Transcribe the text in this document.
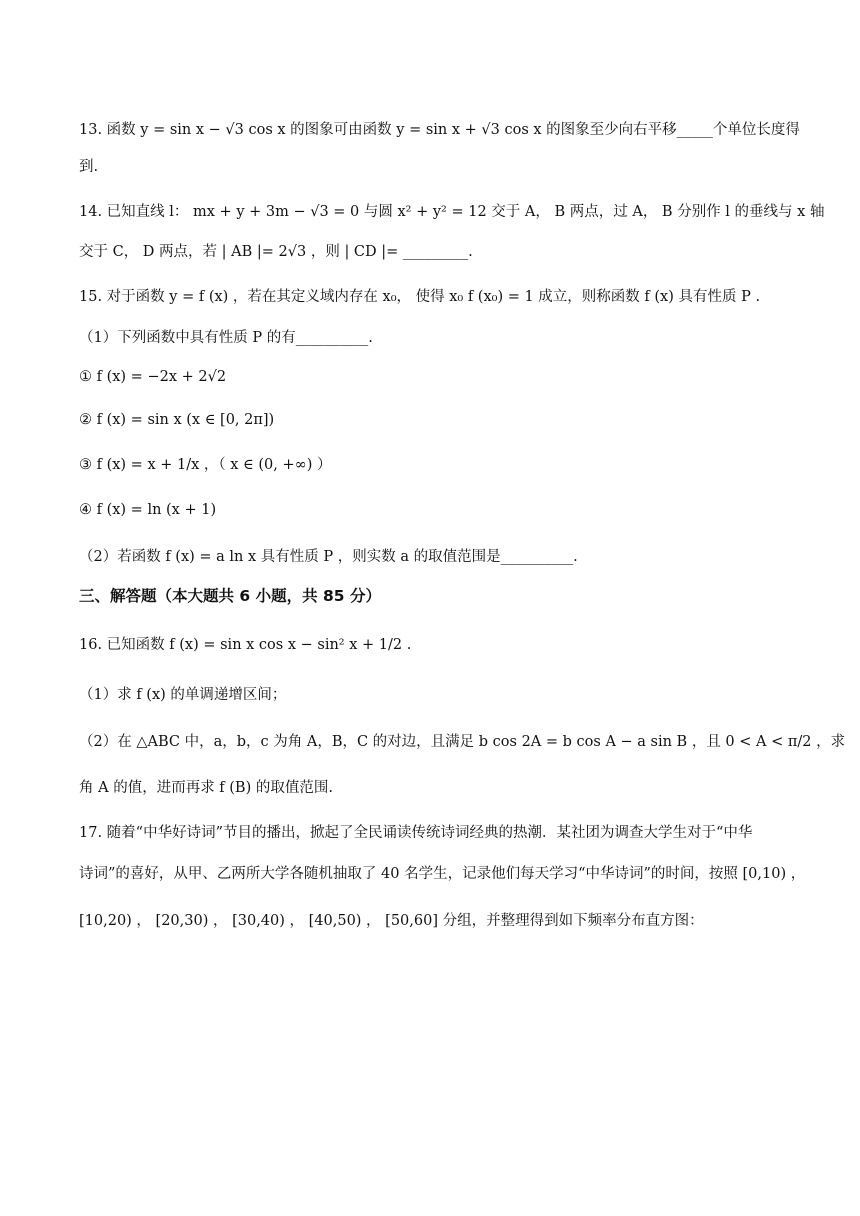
13. 函数 y = sin x − √3 cos x 的图象可由函数 y = sin x + √3 cos x 的图象至少向右平移_____个单位长度得
到.
14. 已知直线 l： mx + y + 3m − √3 = 0 与圆 x² + y² = 12 交于 A， B 两点，过 A， B 分别作 l 的垂线与 x 轴
交于 C， D 两点，若 | AB |= 2√3 ，则 | CD |= _________.
15. 对于函数 y = f (x) ，若在其定义域内存在 x₀， 使得 x₀ f (x₀) = 1 成立，则称函数 f (x) 具有性质 P .
（1）下列函数中具有性质 P 的有__________.
① f (x) = −2x + 2√2
② f (x) = sin x (x ∈ [0, 2π])
③ f (x) = x + 1/x ，（ x ∈ (0, +∞) ）
④ f (x) = ln (x + 1)
（2）若函数 f (x) = a ln x 具有性质 P ，则实数 a 的取值范围是__________.
三、解答题（本大题共 6 小题，共 85 分）
16. 已知函数 f (x) = sin x cos x − sin² x + 1/2 .
（1）求 f (x) 的单调递增区间；
（2）在 △ABC 中，a，b，c 为角 A，B，C 的对边，且满足 b cos 2A = b cos A − a sin B ，且 0 < A < π/2 ，求
角 A 的值，进而再求 f (B) 的取值范围.
17. 随着“中华好诗词”节目的播出，掀起了全民诵读传统诗词经典的热潮．某社团为调查大学生对于“中华
诗词”的喜好，从甲、乙两所大学各随机抽取了 40 名学生，记录他们每天学习“中华诗词”的时间，按照 [0,10) ，
[10,20) ， [20,30) ， [30,40) ， [40,50) ， [50,60] 分组，并整理得到如下频率分布直方图：
